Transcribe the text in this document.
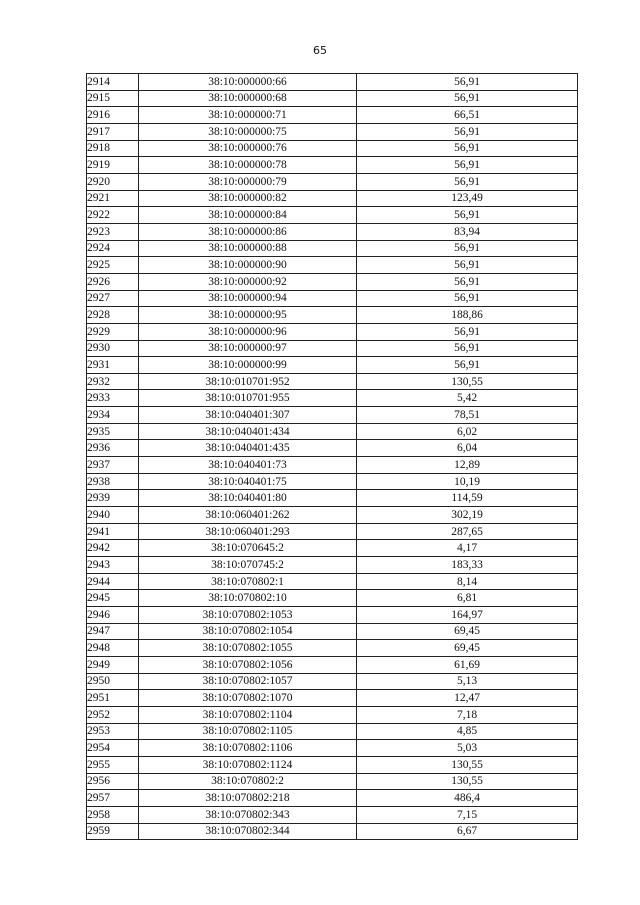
65
2914	38:10:000000:66	56,91
2915	38:10:000000:68	56,91
2916	38:10:000000:71	66,51
2917	38:10:000000:75	56,91
2918	38:10:000000:76	56,91
2919	38:10:000000:78	56,91
2920	38:10:000000:79	56,91
2921	38:10:000000:82	123,49
2922	38:10:000000:84	56,91
2923	38:10:000000:86	83,94
2924	38:10:000000:88	56,91
2925	38:10:000000:90	56,91
2926	38:10:000000:92	56,91
2927	38:10:000000:94	56,91
2928	38:10:000000:95	188,86
2929	38:10:000000:96	56,91
2930	38:10:000000:97	56,91
2931	38:10:000000:99	56,91
2932	38:10:010701:952	130,55
2933	38:10:010701:955	5,42
2934	38:10:040401:307	78,51
2935	38:10:040401:434	6,02
2936	38:10:040401:435	6,04
2937	38:10:040401:73	12,89
2938	38:10:040401:75	10,19
2939	38:10:040401:80	114,59
2940	38:10:060401:262	302,19
2941	38:10:060401:293	287,65
2942	38:10:070645:2	4,17
2943	38:10:070745:2	183,33
2944	38:10:070802:1	8,14
2945	38:10:070802:10	6,81
2946	38:10:070802:1053	164,97
2947	38:10:070802:1054	69,45
2948	38:10:070802:1055	69,45
2949	38:10:070802:1056	61,69
2950	38:10:070802:1057	5,13
2951	38:10:070802:1070	12,47
2952	38:10:070802:1104	7,18
2953	38:10:070802:1105	4,85
2954	38:10:070802:1106	5,03
2955	38:10:070802:1124	130,55
2956	38:10:070802:2	130,55
2957	38:10:070802:218	486,4
2958	38:10:070802:343	7,15
2959	38:10:070802:344	6,67
